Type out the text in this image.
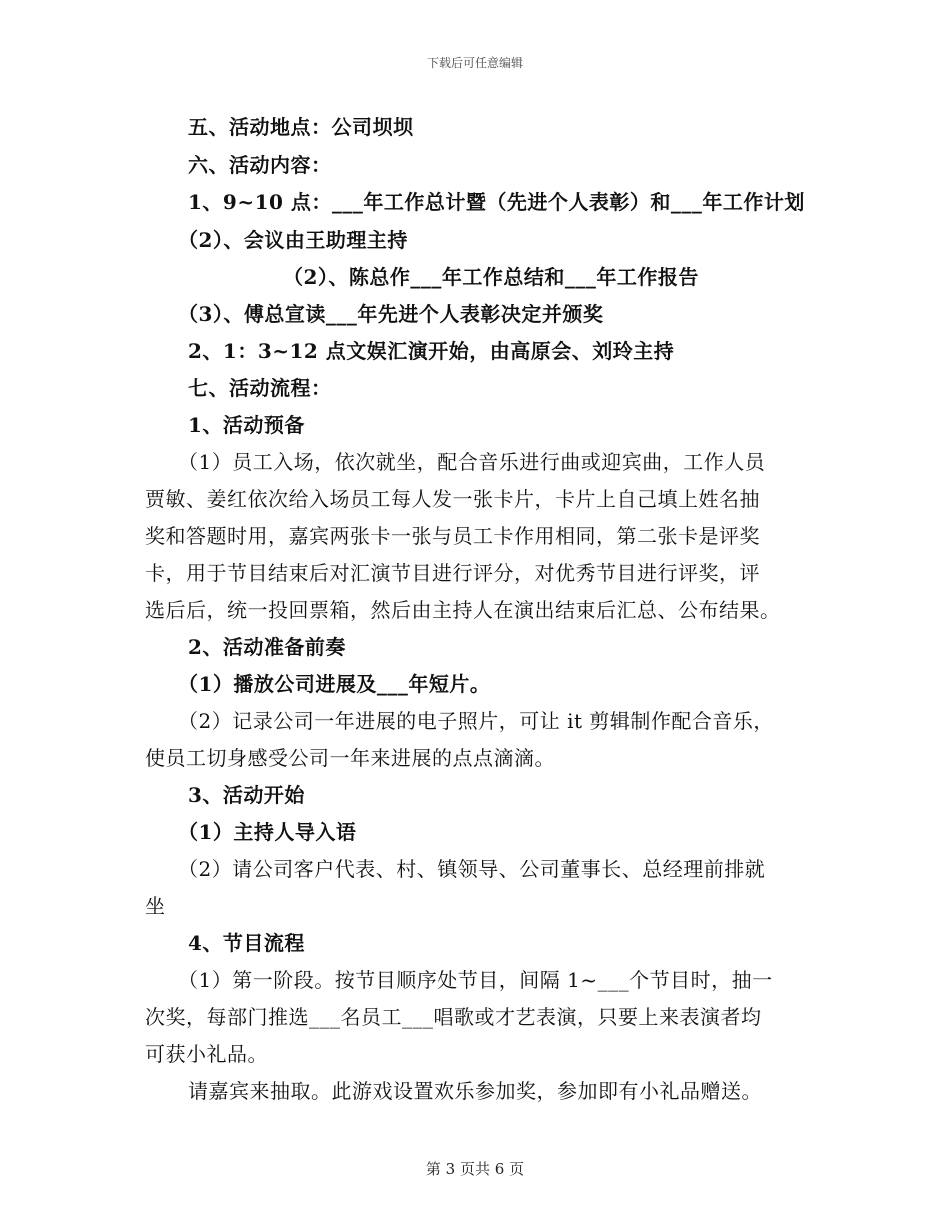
下载后可任意编辑
五、活动地点：公司坝坝
六、活动内容：
1、9~10 点：___年工作总计暨（先进个人表彰）和___年工作计划
（2）、会议由王助理主持
（2）、陈总作___年工作总结和___年工作报告
（3）、傅总宣读___年先进个人表彰决定并颁奖
2、1：3~12 点文娱汇演开始，由高原会、刘玲主持
七、活动流程：
1、活动预备
（1）员工入场，依次就坐，配合音乐进行曲或迎宾曲，工作人员
贾敏、姜红依次给入场员工每人发一张卡片，卡片上自己填上姓名抽
奖和答题时用，嘉宾两张卡一张与员工卡作用相同，第二张卡是评奖
卡，用于节目结束后对汇演节目进行评分，对优秀节目进行评奖，评
选后后，统一投回票箱，然后由主持人在演出结束后汇总、公布结果。
2、活动准备前奏
（1）播放公司进展及___年短片。
（2）记录公司一年进展的电子照片，可让 it 剪辑制作配合音乐，
使员工切身感受公司一年来进展的点点滴滴。
3、活动开始
（1）主持人导入语
（2）请公司客户代表、村、镇领导、公司董事长、总经理前排就
坐
4、节目流程
（1）第一阶段。按节目顺序处节目，间隔 1~___个节目时，抽一
次奖，每部门推选___名员工___唱歌或才艺表演，只要上来表演者均
可获小礼品。
请嘉宾来抽取。此游戏设置欢乐参加奖，参加即有小礼品赠送。
第 3 页共 6 页
